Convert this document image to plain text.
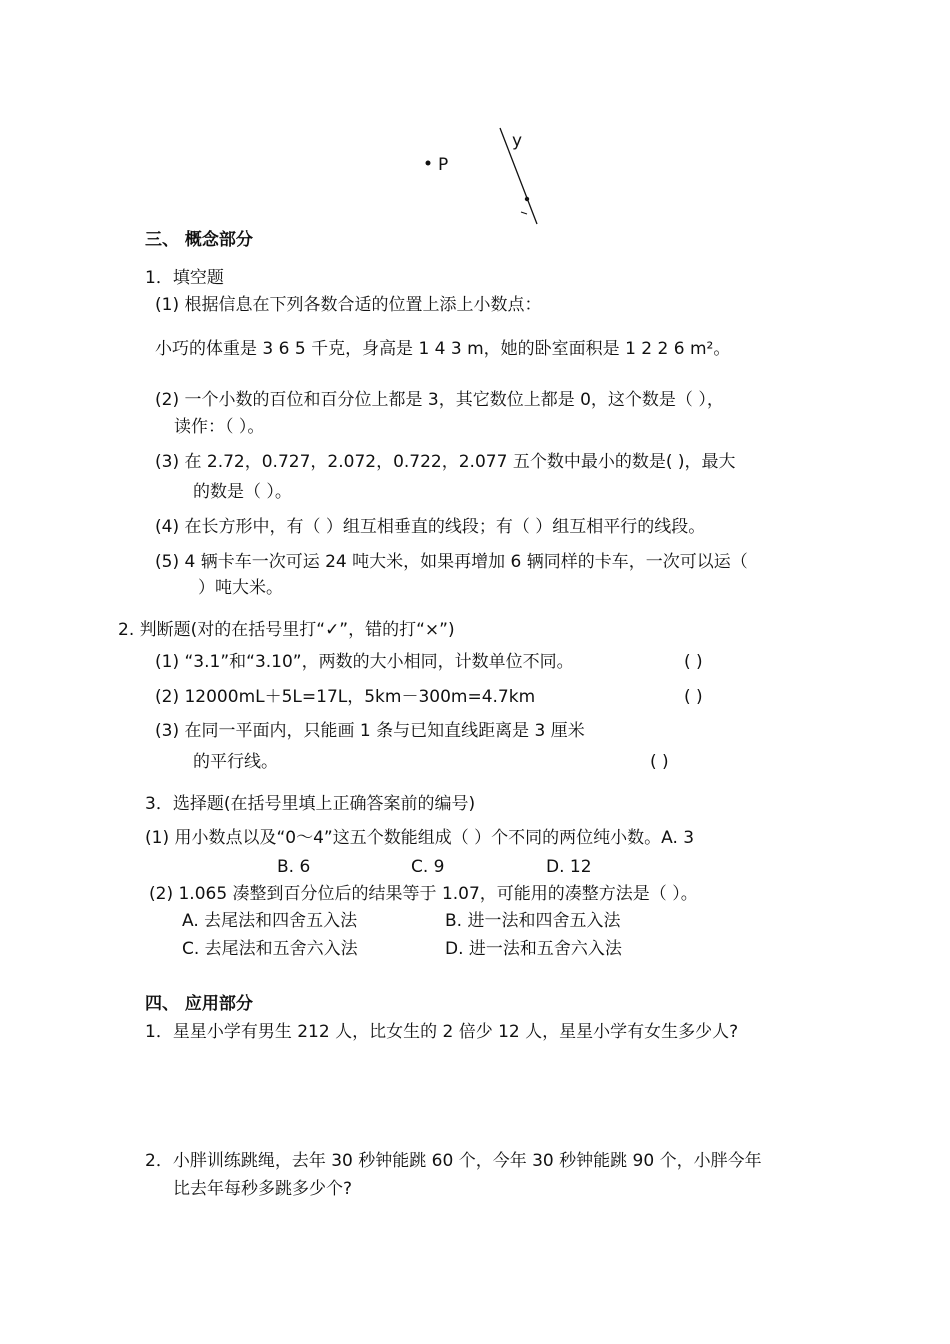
P
y
三、 概念部分
1．填空题
(1) 根据信息在下列各数合适的位置上添上小数点：
小巧的体重是 3 6 5 千克，身高是 1 4 3 m，她的卧室面积是 1 2 2 6 m²。
(2) 一个小数的百位和百分位上都是 3，其它数位上都是 0，这个数是（ ），
读作：（ ）。
(3) 在 2.72，0.727，2.072，0.722，2.077 五个数中最小的数是( )，最大
的数是（ ）。
(4) 在长方形中，有（ ）组互相垂直的线段；有（ ）组互相平行的线段。
(5) 4 辆卡车一次可运 24 吨大米，如果再增加 6 辆同样的卡车，一次可以运（
）吨大米。
2. 判断题(对的在括号里打“✓”，错的打“×”)
(1) “3.1”和“3.10”，两数的大小相同，计数单位不同。	( )
(2) 12000mL＋5L=17L，5km－300m=4.7km	( )
(3) 在同一平面内，只能画 1 条与已知直线距离是 3 厘米
的平行线。	( )
3．选择题(在括号里填上正确答案前的编号)
(1) 用小数点以及“0～4”这五个数能组成（ ）个不同的两位纯小数。A. 3
B. 6	C. 9	D. 12
(2) 1.065 凑整到百分位后的结果等于 1.07，可能用的凑整方法是（ ）。
A. 去尾法和四舍五入法	B. 进一法和四舍五入法
C. 去尾法和五舍六入法	D. 进一法和五舍六入法
四、 应用部分
1．星星小学有男生 212 人，比女生的 2 倍少 12 人，星星小学有女生多少人?
2．小胖训练跳绳，去年 30 秒钟能跳 60 个，今年 30 秒钟能跳 90 个，小胖今年
比去年每秒多跳多少个?
